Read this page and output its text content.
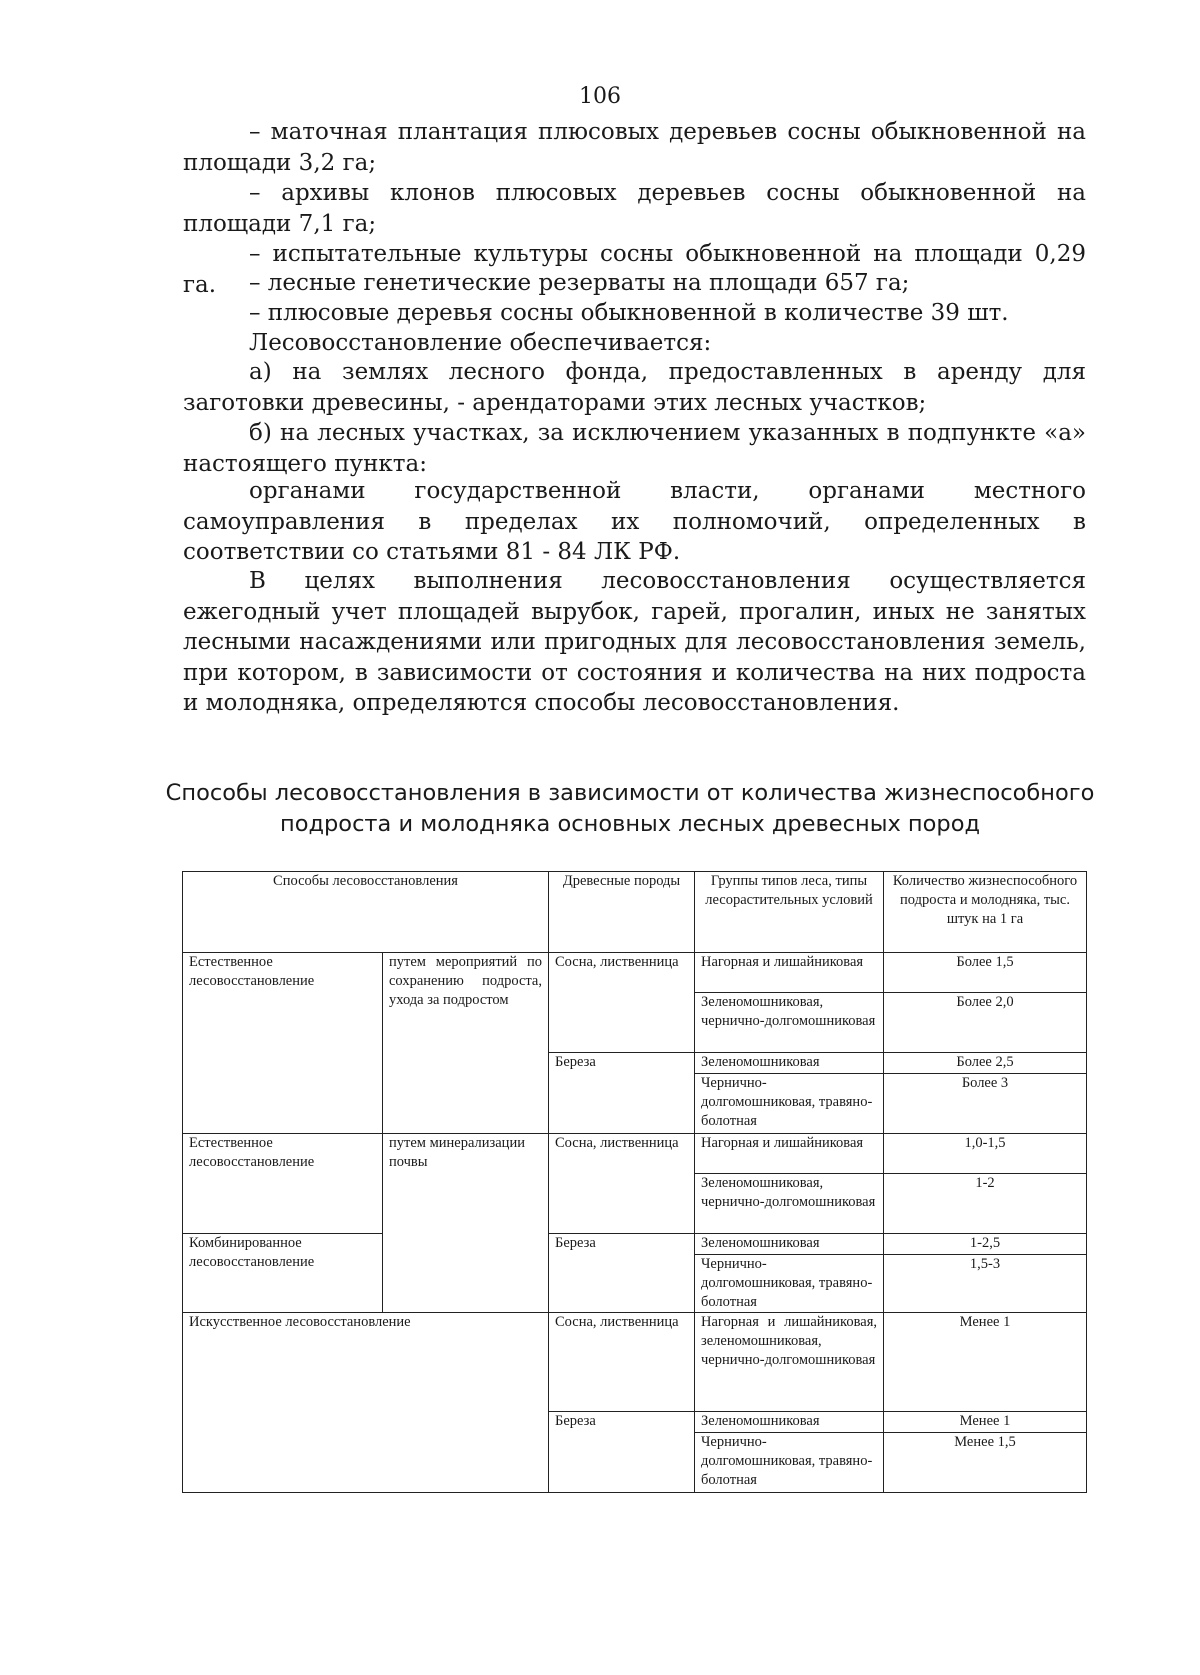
106

– маточная плантация плюсовых деревьев сосны обыкновенной на площади 3,2 га;

– архивы клонов плюсовых деревьев сосны обыкновенной на площади 7,1 га;

– испытательные культуры сосны обыкновенной на площади 0,29 га.	– лесные генетические резерваты на площади 657 га;

– плюсовые деревья сосны обыкновенной в количестве 39 шт.

Лесовосстановление обеспечивается:

а) на землях лесного фонда, предоставленных в аренду для заготовки древесины, - арендаторами этих лесных участков;

б) на лесных участках, за исключением указанных в подпункте «а» настоящего пункта:

органами государственной власти, органами местного самоуправления в пределах их полномочий, определенных в соответствии со статьями 81 - 84 ЛК РФ.

В целях выполнения лесовосстановления осуществляется ежегодный учет площадей вырубок, гарей, прогалин, иных не занятых лесными насаждениями или пригодных для лесовосстановления земель, при котором, в зависимости от состояния и количества на них подроста и молодняка, определяются способы лесовосстановления.

Способы лесовосстановления в зависимости от количества жизнеспособного подроста и молодняка основных лесных древесных пород
Способы лесовосстановления		Древесные породы	Группы типов леса, типы лесорастительных условий	Количество жизнеспособного подроста и молодняка, тыс. штук на 1 га
Естественное лесовосстановление	путем мероприятий по сохранению подроста, ухода за подростом	Сосна, лиственница	Нагорная и лишайниковая	Более 1,5
			Зеленомошниковая, чернично-долгомошниковая	Более 2,0
		Береза	Зеленомошниковая	Более 2,5
			Чернично-долгомошниковая, травяно-болотная	Более 3
Естественное лесовосстановление	путем минерализации почвы	Сосна, лиственница	Нагорная и лишайниковая	1,0-1,5
			Зеленомошниковая, чернично-долгомошниковая	1-2
Комбинированное лесовосстановление		Береза	Зеленомошниковая	1-2,5
			Чернично-долгомошниковая, травяно-болотная	1,5-3
Искусственное лесовосстановление		Сосна, лиственница	Нагорная и лишайниковая, зеленомошниковая, чернично-долгомошниковая	Менее 1
		Береза	Зеленомошниковая	Менее 1
			Чернично-долгомошниковая, травяно-болотная	Менее 1,5
